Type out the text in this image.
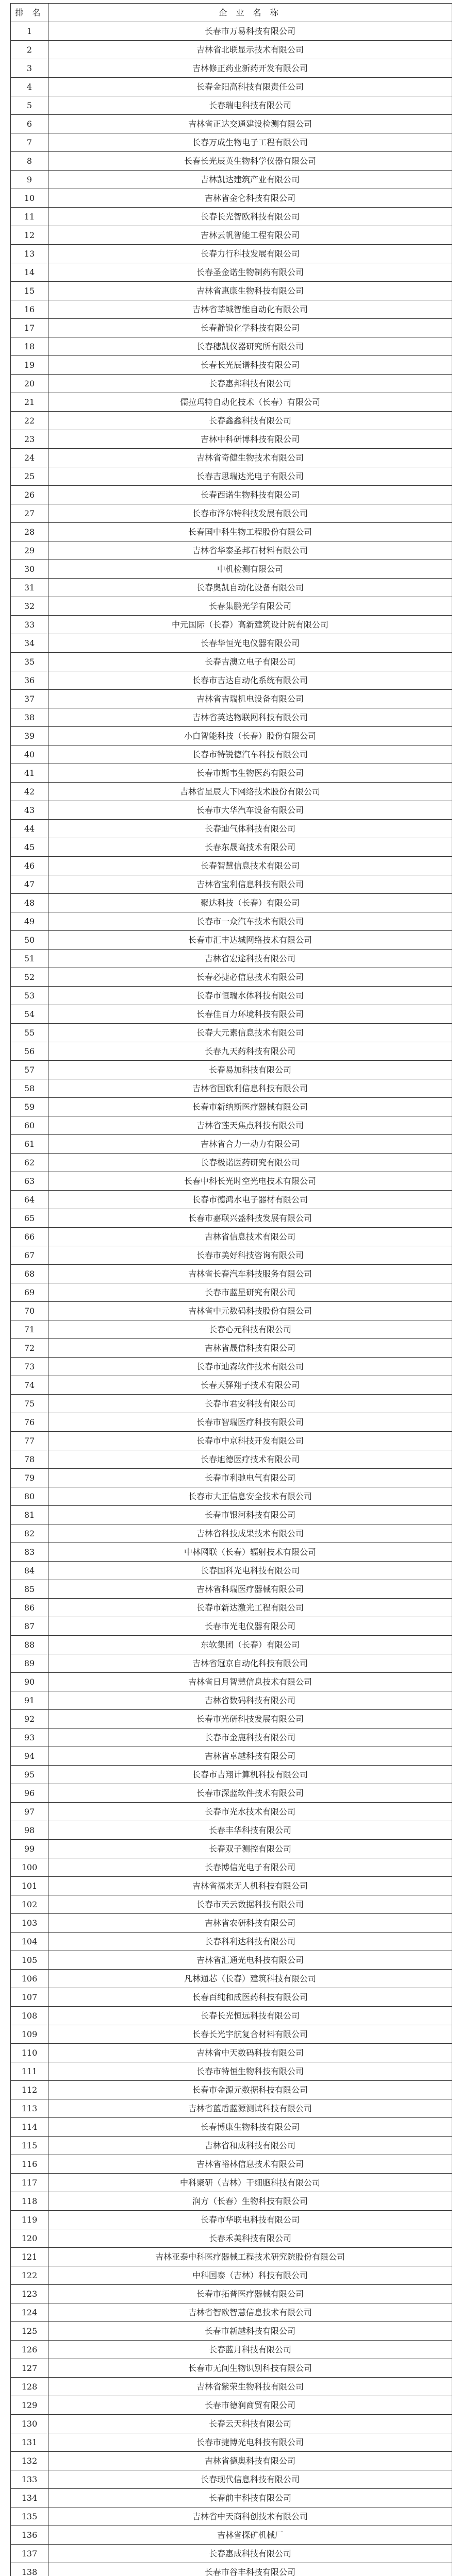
排 名	企 业 名 称
1	长春市万易科技有限公司
2	吉林省北联显示技术有限公司
3	吉林修正药业新药开发有限公司
4	长春金阳高科技有限责任公司
5	长春瑞电科技有限公司
6	吉林省正达交通建设检测有限公司
7	长春万成生物电子工程有限公司
8	长春长光辰英生物科学仪器有限公司
9	吉林凯达建筑产业有限公司
10	吉林省金仑科技有限公司
11	长春长光智欧科技有限公司
12	吉林云帆智能工程有限公司
13	长春力行科技发展有限公司
14	长春圣金诺生物制药有限公司
15	吉林省惠康生物科技有限公司
16	吉林省莘城智能自动化有限公司
17	长春静锐化学科技有限公司
18	长春穗凯仪器研究所有限公司
19	长春长光辰谱科技有限公司
20	长春惠邦科技有限公司
21	儒拉玛特自动化技术（长春）有限公司
22	长春鑫鑫科技有限公司
23	吉林中科研博科技有限公司
24	吉林省奇健生物技术有限公司
25	长春吉思瑞达光电子有限公司
26	长春西诺生物科技有限公司
27	长春市泽尔特科技发展有限公司
28	长春国中科生物工程股份有限公司
29	吉林省华泰圣邦石材料有限公司
30	中机检测有限公司
31	长春奥凯自动化设备有限公司
32	长春集鹏光学有限公司
33	中元国际（长春）高新建筑设计院有限公司
34	长春华恒光电仪器有限公司
35	长春吉澳立电子有限公司
36	长春市吉达自动化系统有限公司
37	吉林省吉瑞机电设备有限公司
38	吉林省英达物联网科技有限公司
39	小白智能科技（长春）股份有限公司
40	长春市特锐德汽车科技有限公司
41	长春市斯韦生物医药有限公司
42	吉林省星辰大下网络技术股份有限公司
43	长春市大华汽车设备有限公司
44	长春迪气体科技有限公司
45	长春东晟高技术有限公司
46	长春智慧信息技术有限公司
47	吉林省宝利信息科技有限公司
48	聚达科技（长春）有限公司
49	长春市一众汽车技术有限公司
50	长春市汇丰达城网络技术有限公司
51	吉林省宏途科技有限公司
52	长春必捷必信息技术有限公司
53	长春市恒瑞水体科技有限公司
54	长春佳百力环境科技有限公司
55	长春大元素信息技术有限公司
56	长春九天药科技有限公司
57	长春易加科技有限公司
58	吉林省国软利信息科技有限公司
59	长春市新纳斯医疗器械有限公司
60	吉林省莲天焦点科技有限公司
61	吉林省合力一动力有限公司
62	长春极诺医药研究有限公司
63	长春中科长光时空光电技术有限公司
64	长春市德鸿水电子器材有限公司
65	长春市嘉联兴盛科技发展有限公司
66	吉林省信息技术有限公司
67	长春市美好科技咨询有限公司
68	吉林省长春汽车科技服务有限公司
69	长春市蓝星研究有限公司
70	吉林省中元数码科技股份有限公司
71	长春心元科技有限公司
72	吉林省晟信科技有限公司
73	长春市迪森软件技术有限公司
74	长春天驿翔子技术有限公司
75	长春市君安科技有限公司
76	长春市智瑞医疗科技有限公司
77	长春市中京科技开发有限公司
78	长春旭德医疗技术有限公司
79	长春市利驰电气有限公司
80	长春市大正信息安全技术有限公司
81	长春市银河科技有限公司
82	吉林省科技成果技术有限公司
83	中林网联（长春）辐射技术有限公司
84	长春国科光电科技有限公司
85	吉林省科瑞医疗器械有限公司
86	长春市新达激光工程有限公司
87	长春市光电仪器有限公司
88	东软集团（长春）有限公司
89	吉林省冠京自动化科技有限公司
90	吉林省日月智慧信息技术有限公司
91	吉林省数码科技有限公司
92	长春市光研科技发展有限公司
93	长春市金鹿科技有限公司
94	吉林省卓越科技有限公司
95	长春市吉翔计算机科技有限公司
96	长春市深蓝软件技术有限公司
97	长春市光水技术有限公司
98	长春丰华科技有限公司
99	长春双子测控有限公司
100	长春博信光电子有限公司
101	吉林省福来无人机科技有限公司
102	长春市天云数据科技有限公司
103	吉林省农研科技有限公司
104	长春科利达科技有限公司
105	吉林省汇通光电科技有限公司
106	凡林通芯（长春）建筑科技有限公司
107	长春百纯和成医药科技有限公司
108	长春长光恒远科技有限公司
109	长春长光宇航复合材料有限公司
110	吉林省中天数码科技有限公司
111	长春市特恒生物科技有限公司
112	长春市金源元数据科技有限公司
113	吉林省蓝盾蓝源测试科技有限公司
114	长春博康生物科技有限公司
115	吉林省和成科技有限公司
116	吉林省裕林信息技术有限公司
117	中科聚研（吉林）干细胞科技有限公司
118	润方（长春）生物科技有限公司
119	长春市华联电科技有限公司
120	长春禾美科技有限公司
121	吉林亚泰中科医疗器械工程技术研究院股份有限公司
122	中科国泰（吉林）科技有限公司
123	长春市拓普医疗器械有限公司
124	吉林省智欧智慧信息技术有限公司
125	长春市新越科技有限公司
126	长春蓝月科技有限公司
127	长春市无间生物识别科技有限公司
128	吉林省紫荣生物科技有限公司
129	长春市德润商贸有限公司
130	长春云天科技有限公司
131	长春市捷博光电科技有限公司
132	吉林省德奥科技有限公司
133	长春现代信息科技有限公司
134	长春前丰科技有限公司
135	吉林省中天商科创技术有限公司
136	吉林省探矿机械厂
137	长春惠成科技有限公司
138	长春市谷丰科技有限公司
